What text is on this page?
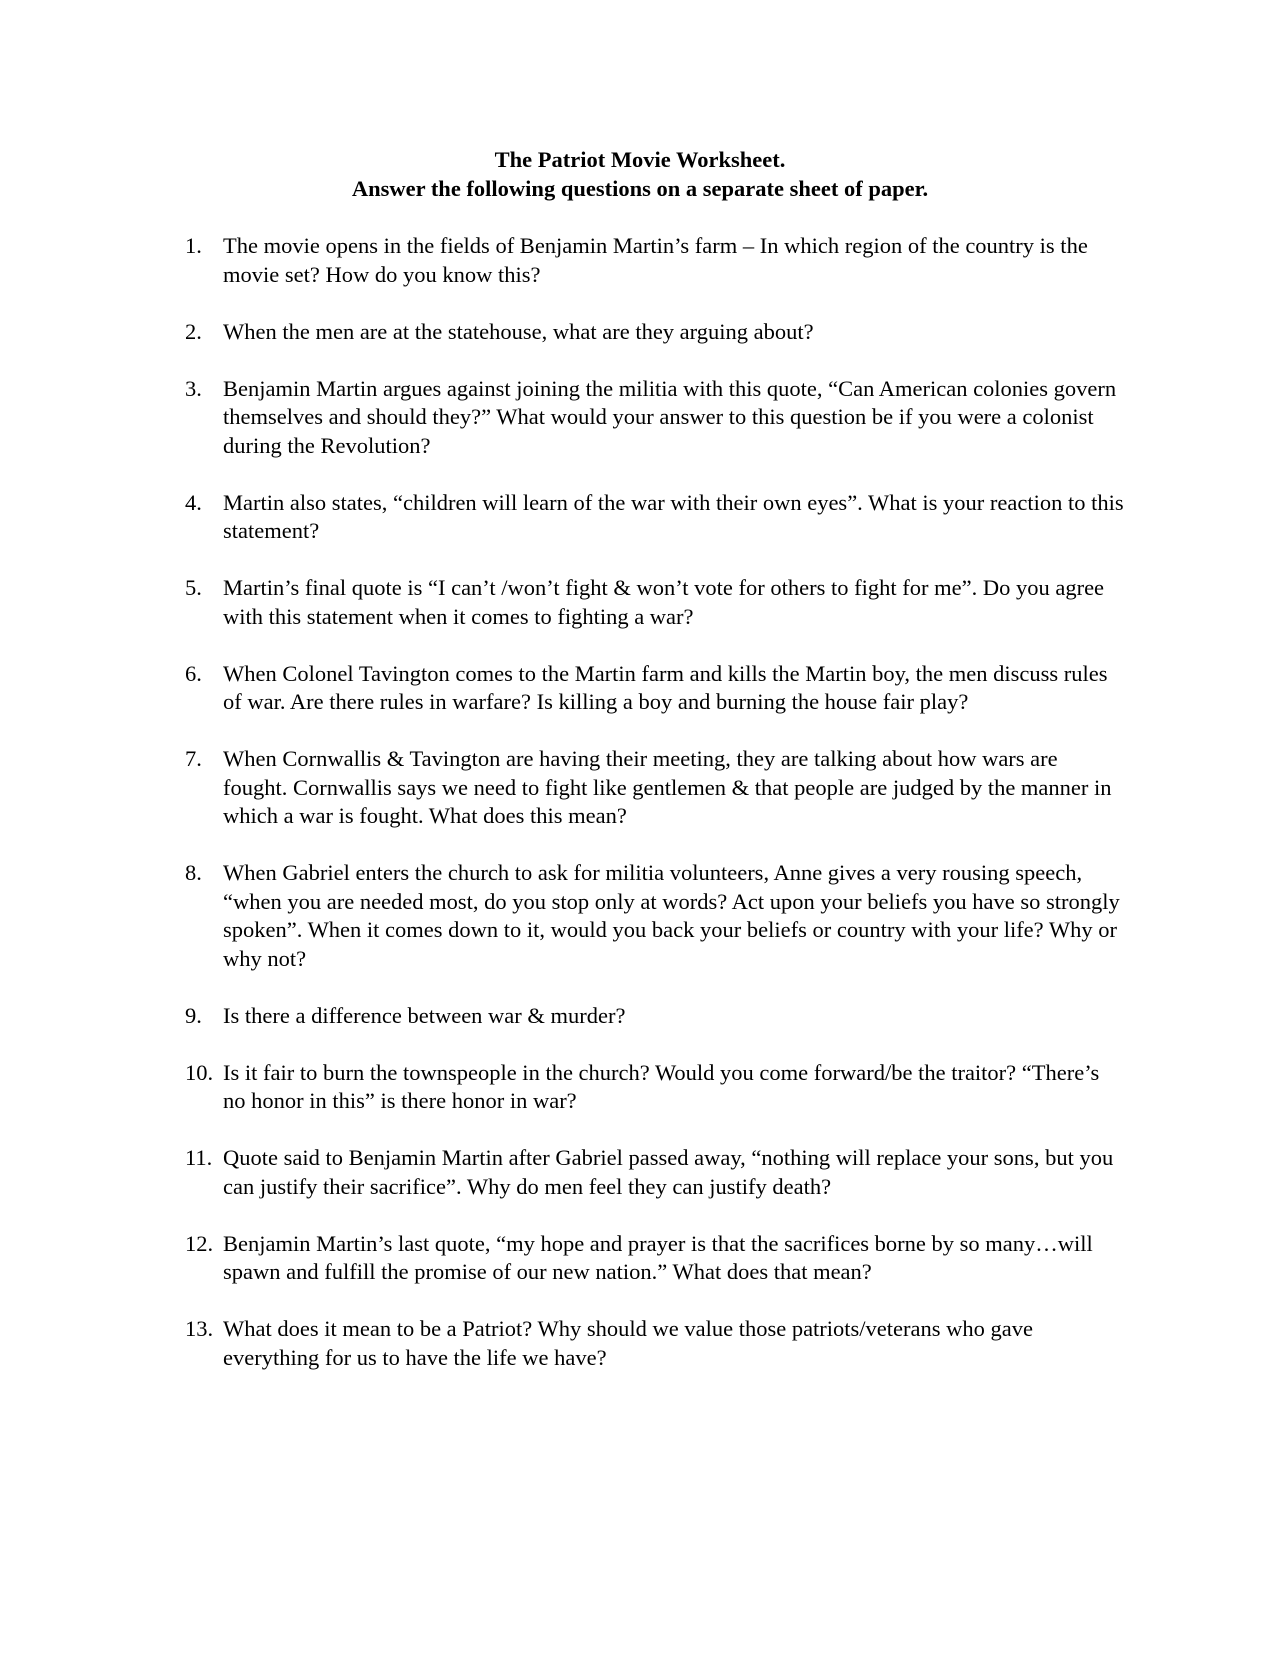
The Patriot Movie Worksheet.
Answer the following questions on a separate sheet of paper.
1. The movie opens in the fields of Benjamin Martin’s farm – In which region of the country is the movie set? How do you know this?
2. When the men are at the statehouse, what are they arguing about?
3. Benjamin Martin argues against joining the militia with this quote, “Can American colonies govern themselves and should they?” What would your answer to this question be if you were a colonist during the Revolution?
4. Martin also states, “children will learn of the war with their own eyes”. What is your reaction to this statement?
5. Martin’s final quote is “I can’t /won’t fight & won’t vote for others to fight for me”. Do you agree with this statement when it comes to fighting a war?
6. When Colonel Tavington comes to the Martin farm and kills the Martin boy, the men discuss rules of war. Are there rules in warfare? Is killing a boy and burning the house fair play?
7. When Cornwallis & Tavington are having their meeting, they are talking about how wars are fought. Cornwallis says we need to fight like gentlemen & that people are judged by the manner in which a war is fought. What does this mean?
8. When Gabriel enters the church to ask for militia volunteers, Anne gives a very rousing speech, “when you are needed most, do you stop only at words? Act upon your beliefs you have so strongly spoken”. When it comes down to it, would you back your beliefs or country with your life? Why or why not?
9. Is there a difference between war & murder?
10. Is it fair to burn the townspeople in the church? Would you come forward/be the traitor? “There’s no honor in this” is there honor in war?
11. Quote said to Benjamin Martin after Gabriel passed away, “nothing will replace your sons, but you can justify their sacrifice”. Why do men feel they can justify death?
12. Benjamin Martin’s last quote, “my hope and prayer is that the sacrifices borne by so many…will spawn and fulfill the promise of our new nation.” What does that mean?
13. What does it mean to be a Patriot? Why should we value those patriots/veterans who gave everything for us to have the life we have?
